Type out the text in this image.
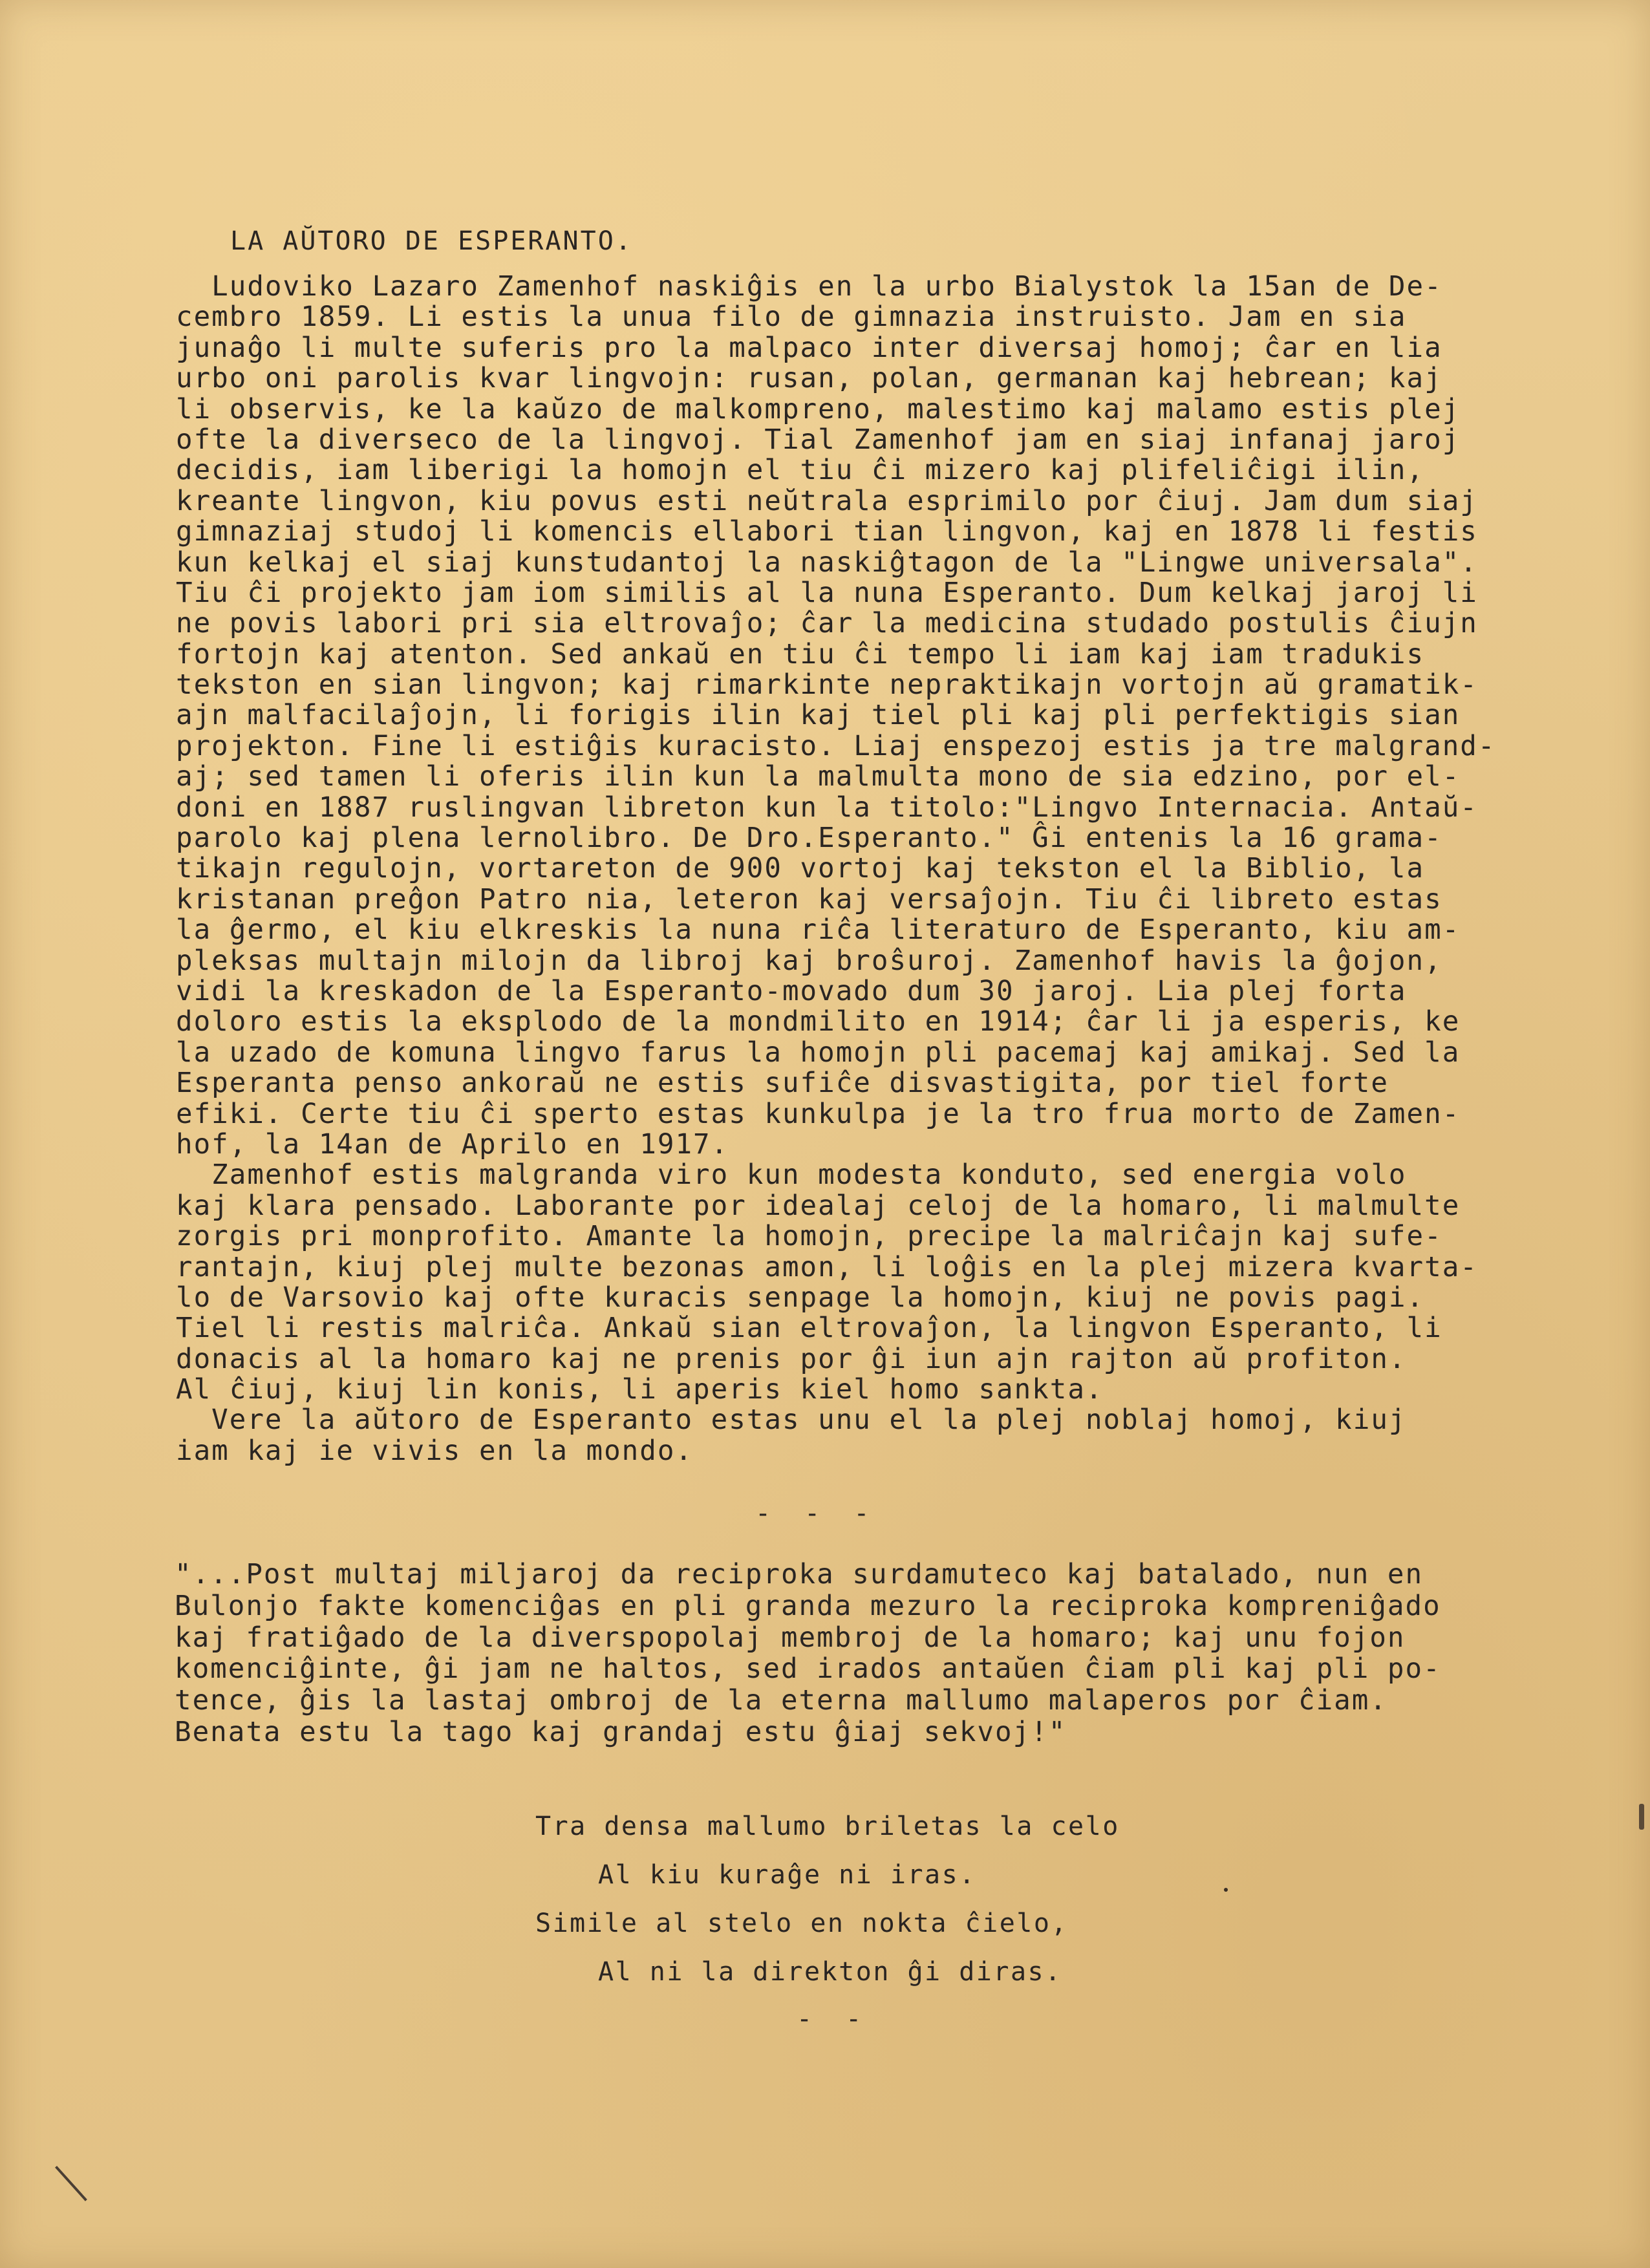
LA AŬTORO DE ESPERANTO.
Ludoviko Lazaro Zamenhof naskiĝis en la urbo Bialystok la 15an de De-
cembro 1859. Li estis la unua filo de gimnazia instruisto. Jam en sia
junaĝo li multe suferis pro la malpaco inter diversaj homoj; ĉar en lia
urbo oni parolis kvar lingvojn: rusan, polan, germanan kaj hebrean; kaj
li observis, ke la kaŭzo de malkompreno, malestimo kaj malamo estis plej
ofte la diverseco de la lingvoj. Tial Zamenhof jam en siaj infanaj jaroj
decidis, iam liberigi la homojn el tiu ĉi mizero kaj plifeliĉigi ilin,
kreante lingvon, kiu povus esti neŭtrala esprimilo por ĉiuj. Jam dum siaj
gimnaziaj studoj li komencis ellabori tian lingvon, kaj en 1878 li festis
kun kelkaj el siaj kunstudantoj la naskiĝtagon de la "Lingwe universala".
Tiu ĉi projekto jam iom similis al la nuna Esperanto. Dum kelkaj jaroj li
ne povis labori pri sia eltrovaĵo; ĉar la medicina studado postulis ĉiujn
fortojn kaj atenton. Sed ankaŭ en tiu ĉi tempo li iam kaj iam tradukis
tekston en sian lingvon; kaj rimarkinte nepraktikajn vortojn aŭ gramatik-
ajn malfacilaĵojn, li forigis ilin kaj tiel pli kaj pli perfektigis sian
projekton. Fine li estiĝis kuracisto. Liaj enspezoj estis ja tre malgrand-
aj; sed tamen li oferis ilin kun la malmulta mono de sia edzino, por el-
doni en 1887 ruslingvan libreton kun la titolo:"Lingvo Internacia. Antaŭ-
parolo kaj plena lernolibro. De Dro.Esperanto." Ĝi entenis la 16 grama-
tikajn regulojn, vortareton de 900 vortoj kaj tekston el la Biblio, la
kristanan preĝon Patro nia, leteron kaj versaĵojn. Tiu ĉi libreto estas
la ĝermo, el kiu elkreskis la nuna riĉa literaturo de Esperanto, kiu am-
pleksas multajn milojn da libroj kaj broŝuroj. Zamenhof havis la ĝojon,
vidi la kreskadon de la Esperanto-movado dum 30 jaroj. Lia plej forta
doloro estis la eksplodo de la mondmilito en 1914; ĉar li ja esperis, ke
la uzado de komuna lingvo farus la homojn pli pacemaj kaj amikaj. Sed la
Esperanta penso ankoraŭ ne estis sufiĉe disvastigita, por tiel forte
efiki. Certe tiu ĉi sperto estas kunkulpa je la tro frua morto de Zamen-
hof, la 14an de Aprilo en 1917.
Zamenhof estis malgranda viro kun modesta konduto, sed energia volo
kaj klara pensado. Laborante por idealaj celoj de la homaro, li malmulte
zorgis pri monprofito. Amante la homojn, precipe la malriĉajn kaj sufe-
rantajn, kiuj plej multe bezonas amon, li loĝis en la plej mizera kvarta-
lo de Varsovio kaj ofte kuracis senpage la homojn, kiuj ne povis pagi.
Tiel li restis malriĉa. Ankaŭ sian eltrovaĵon, la lingvon Esperanto, li
donacis al la homaro kaj ne prenis por ĝi iun ajn rajton aŭ profiton.
Al ĉiuj, kiuj lin konis, li aperis kiel homo sankta.
Vere la aŭtoro de Esperanto estas unu el la plej noblaj homoj, kiuj
iam kaj ie vivis en la mondo.
- - -
"...Post multaj miljaroj da reciproka surdamuteco kaj batalado, nun en
Bulonjo fakte komenciĝas en pli granda mezuro la reciproka kompreniĝado
kaj fratiĝado de la diverspopolaj membroj de la homaro; kaj unu fojon
komenciĝinte, ĝi jam ne haltos, sed irados antaŭen ĉiam pli kaj pli po-
tence, ĝis la lastaj ombroj de la eterna mallumo malaperos por ĉiam.
Benata estu la tago kaj grandaj estu ĝiaj sekvoj!"
Tra densa mallumo briletas la celo
Al kiu kuraĝe ni iras.
Simile al stelo en nokta ĉielo,
Al ni la direkton ĝi diras.
- -
